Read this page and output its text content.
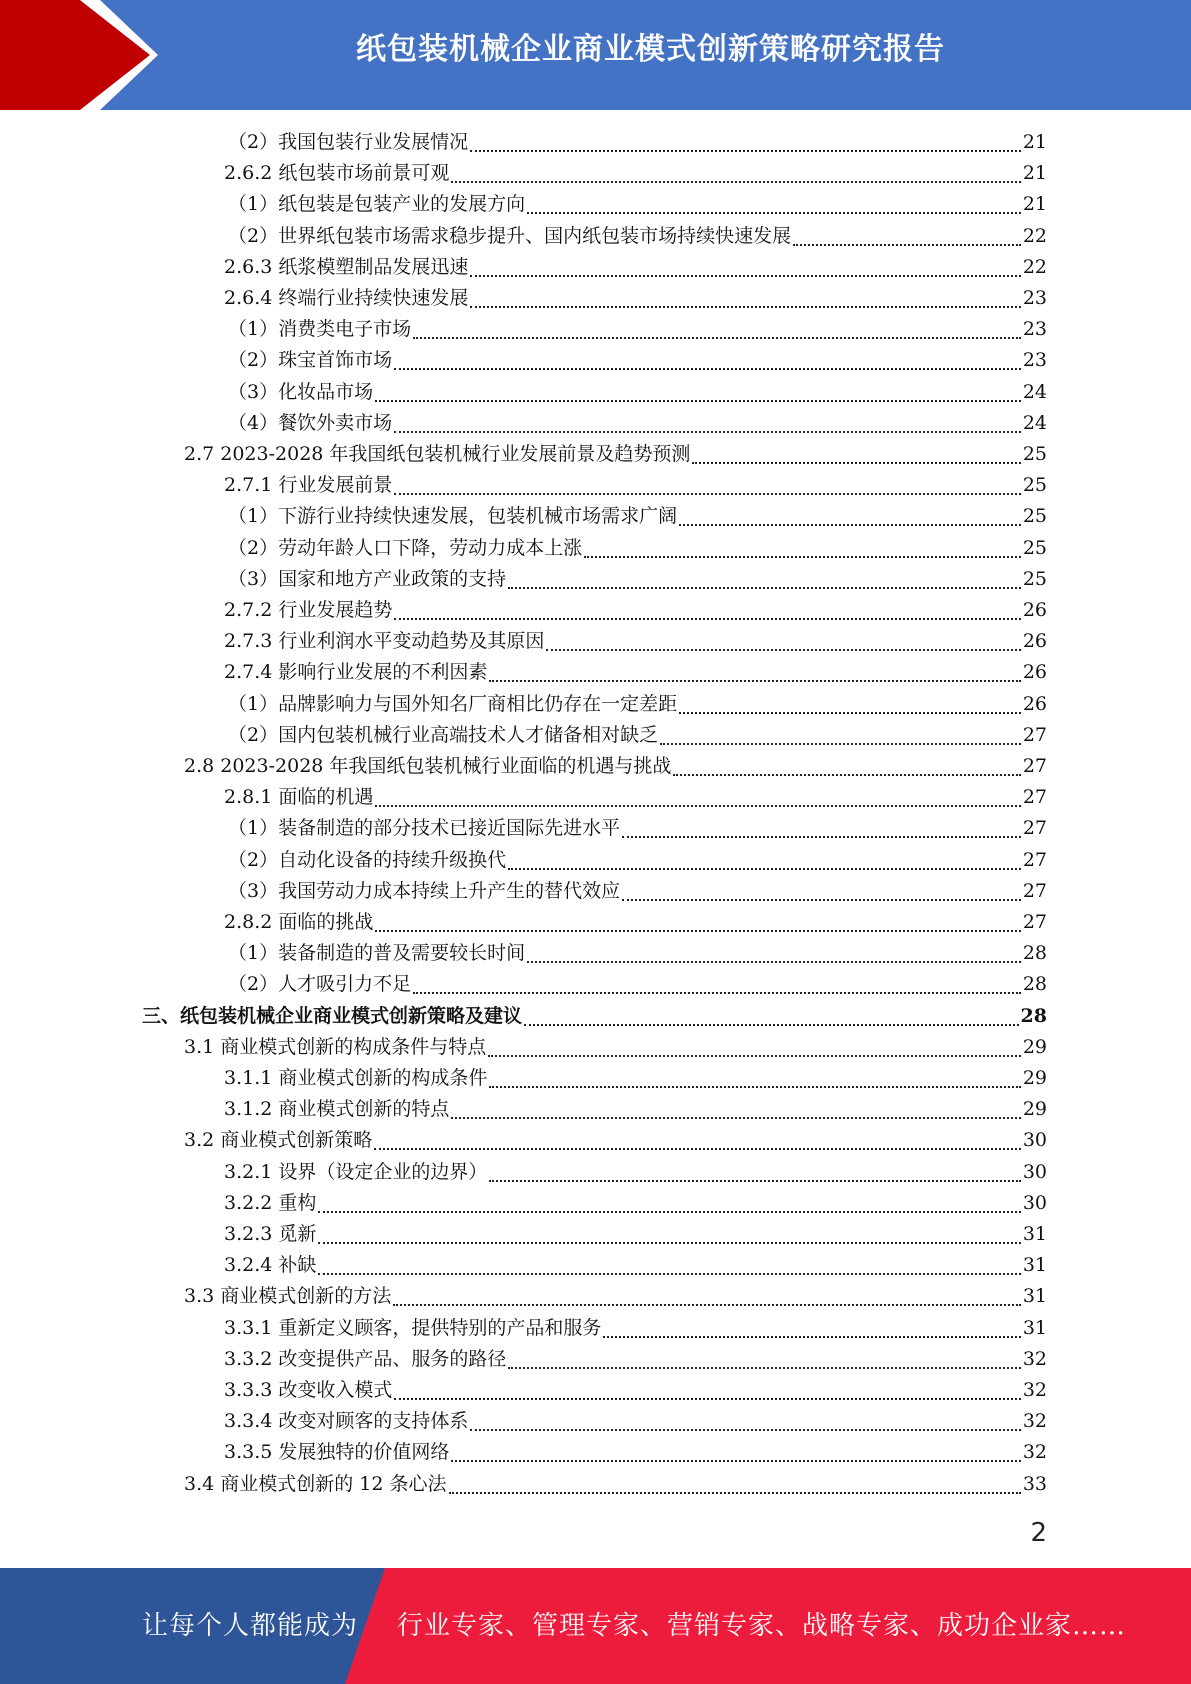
纸包装机械企业商业模式创新策略研究报告
（2）我国包装行业发展情况	21
2.6.2 纸包装市场前景可观	21
（1）纸包装是包装产业的发展方向	21
（2）世界纸包装市场需求稳步提升、国内纸包装市场持续快速发展	22
2.6.3 纸浆模塑制品发展迅速	22
2.6.4 终端行业持续快速发展	23
（1）消费类电子市场	23
（2）珠宝首饰市场	23
（3）化妆品市场	24
（4）餐饮外卖市场	24
2.7 2023-2028 年我国纸包装机械行业发展前景及趋势预测	25
2.7.1 行业发展前景	25
（1）下游行业持续快速发展，包装机械市场需求广阔	25
（2）劳动年龄人口下降，劳动力成本上涨	25
（3）国家和地方产业政策的支持	25
2.7.2 行业发展趋势	26
2.7.3 行业利润水平变动趋势及其原因	26
2.7.4 影响行业发展的不利因素	26
（1）品牌影响力与国外知名厂商相比仍存在一定差距	26
（2）国内包装机械行业高端技术人才储备相对缺乏	27
2.8 2023-2028 年我国纸包装机械行业面临的机遇与挑战	27
2.8.1 面临的机遇	27
（1）装备制造的部分技术已接近国际先进水平	27
（2）自动化设备的持续升级换代	27
（3）我国劳动力成本持续上升产生的替代效应	27
2.8.2 面临的挑战	27
（1）装备制造的普及需要较长时间	28
（2）人才吸引力不足	28
三、纸包装机械企业商业模式创新策略及建议	28
3.1 商业模式创新的构成条件与特点	29
3.1.1 商业模式创新的构成条件	29
3.1.2 商业模式创新的特点	29
3.2 商业模式创新策略	30
3.2.1 设界（设定企业的边界）	30
3.2.2 重构	30
3.2.3 觅新	31
3.2.4 补缺	31
3.3 商业模式创新的方法	31
3.3.1 重新定义顾客，提供特别的产品和服务	31
3.3.2 改变提供产品、服务的路径	32
3.3.3 改变收入模式	32
3.3.4 改变对顾客的支持体系	32
3.3.5 发展独特的价值网络	32
3.4 商业模式创新的 12 条心法	33
2
让每个人都能成为 行业专家、管理专家、营销专家、战略专家、成功企业家……
